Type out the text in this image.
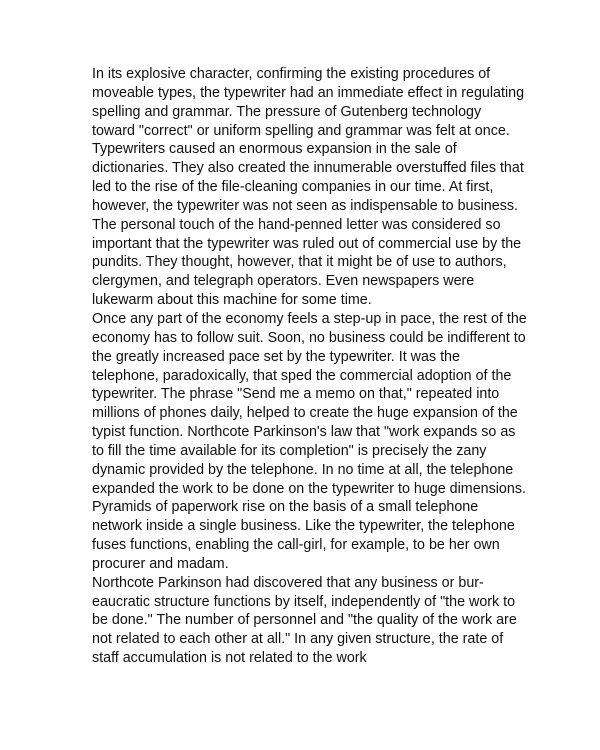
In its explosive character, confirming the existing procedures of
moveable types, the typewriter had an immediate effect in regulating
spelling and grammar. The pressure of Gutenberg technology
toward "correct" or uniform spelling and grammar was felt at once.
Typewriters caused an enormous expansion in the sale of
dictionaries. They also created the innumerable overstuffed files that
led to the rise of the file-cleaning companies in our time. At first,
however, the typewriter was not seen as indispensable to business.
The personal touch of the hand-penned letter was considered so
important that the typewriter was ruled out of commercial use by the
pundits. They thought, however, that it might be of use to authors,
clergymen, and telegraph operators. Even newspapers were
lukewarm about this machine for some time.
Once any part of the economy feels a step-up in pace, the rest of the
economy has to follow suit. Soon, no business could be indifferent to
the greatly increased pace set by the typewriter. It was the
telephone, paradoxically, that sped the commercial adoption of the
typewriter. The phrase "Send me a memo on that," repeated into
millions of phones daily, helped to create the huge expansion of the
typist function. Northcote Parkinson's law that "work expands so as
to fill the time available for its completion" is precisely the zany
dynamic provided by the telephone. In no time at all, the telephone
expanded the work to be done on the typewriter to huge dimensions.
Pyramids of paperwork rise on the basis of a small telephone
network inside a single business. Like the typewriter, the telephone
fuses functions, enabling the call-girl, for example, to be her own
procurer and madam.
Northcote Parkinson had discovered that any business or bur-
eaucratic structure functions by itself, independently of "the work to
be done." The number of personnel and "the quality of the work are
not related to each other at all." In any given structure, the rate of
staff accumulation is not related to the work
